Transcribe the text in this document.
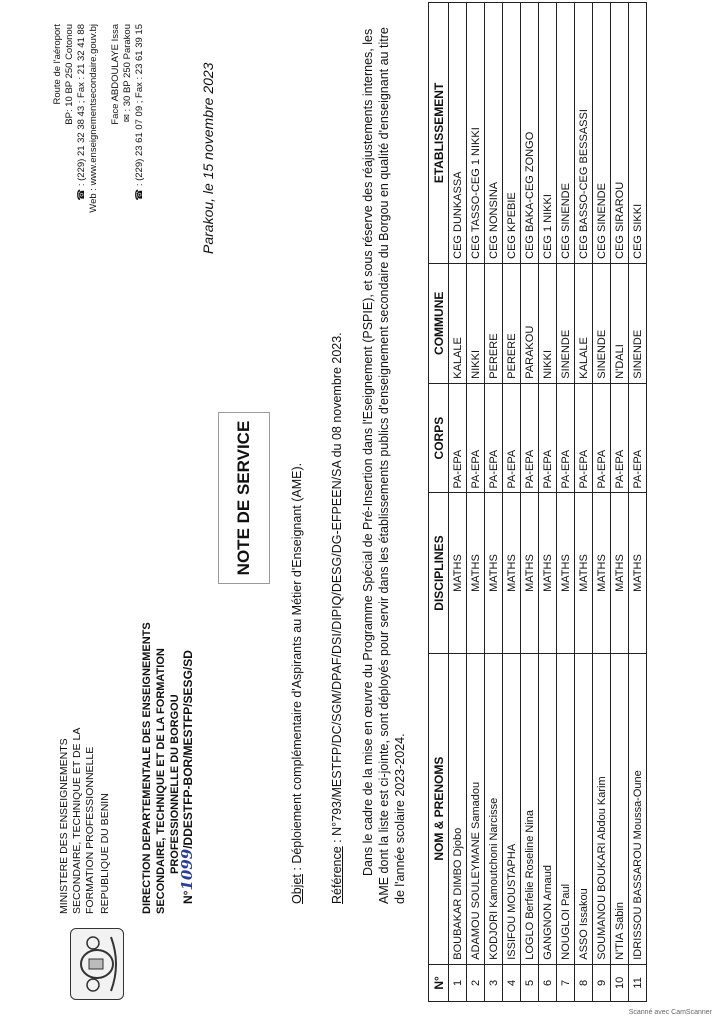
MINISTERE DES ENSEIGNEMENTS SECONDAIRE, TECHNIQUE ET DE LA FORMATION PROFESSIONNELLE REPUBLIQUE DU BENIN	DIRECTION DEPARTEMENTALE DES ENSEIGNEMENTS SECONDAIRE, TECHNIQUE ET DE LA FORMATION PROFESSIONNELLE DU BORGOU
N°1099/DDESTFP-BOR/MESTFP/SESG/SD
Route de l'aéroport BP: 10 BP 250 Cotonou ☎ : (229) 21 32 38 43 ; Fax : 21 32 41 88 Web : www.enseignementsecondaire.gouv.bj Face ABDOULAYE Issa ✉ : 30 BP 250 Parakou ☎ : (229) 23 61 07 09 ; Fax : 23 61 39 15	Parakou, le 15 novembre 2023
NOTE DE SERVICE
Objet : Déploiement complémentaire d'Aspirants au Métier d'Enseignant (AME).
Référence : N°793/MESTFP/DC/SGM/DPAF/DSI/DIPIQ/DESG/DG-EFPEEN/SA du 08 novembre 2023. Dans le cadre de la mise en œuvre du Programme Spécial de Pré-Insertion dans l'Eseignement (PSPIE), et sous réserve des réajustements internes, les AME dont la liste est ci-jointe, sont déployés pour servir dans les établissements publics d'enseignement secondaire du Borgou en qualité d'enseignant au titre de l'année scolaire 2023-2024.
N°	NOM & PRENOMS	DISCIPLINES	CORPS	COMMUNE	ETABLISSEMENT
1	BOUBAKAR DIMBO Djobo	MATHS	PA-EPA	KALALE	CEG DUNKASSA
2	ADAMOU SOULEYMANE Samadou	MATHS	PA-EPA	NIKKI	CEG TASSO-CEG 1 NIKKI
3	KODJORI Kamoutchoni Narcisse	MATHS	PA-EPA	PERERE	CEG NONSINA
4	ISSIFOU MOUSTAPHA	MATHS	PA-EPA	PERERE	CEG KPEBIE
5	LOGLO Berfelie Roseline Nina	MATHS	PA-EPA	PARAKOU	CEG BAKA-CEG ZONGO
6	GANGNON Arnaud	MATHS	PA-EPA	NIKKI	CEG 1 NIKKI
7	NOUGLOI Paul	MATHS	PA-EPA	SINENDE	CEG SINENDE
8	ASSO Issakou	MATHS	PA-EPA	KALALE	CEG BASSO-CEG BESSASSI
9	SOUMANOU BOUKARI Abdou Karim	MATHS	PA-EPA	SINENDE	CEG SINENDE
10	N'TIA Sabin	MATHS	PA-EPA	N'DALI	CEG SIRAROU
11	IDRISSOU BASSAROU Moussa-Oune	MATHS	PA-EPA	SINENDE	CEG SIKKI
Scanné avec CamScanner
